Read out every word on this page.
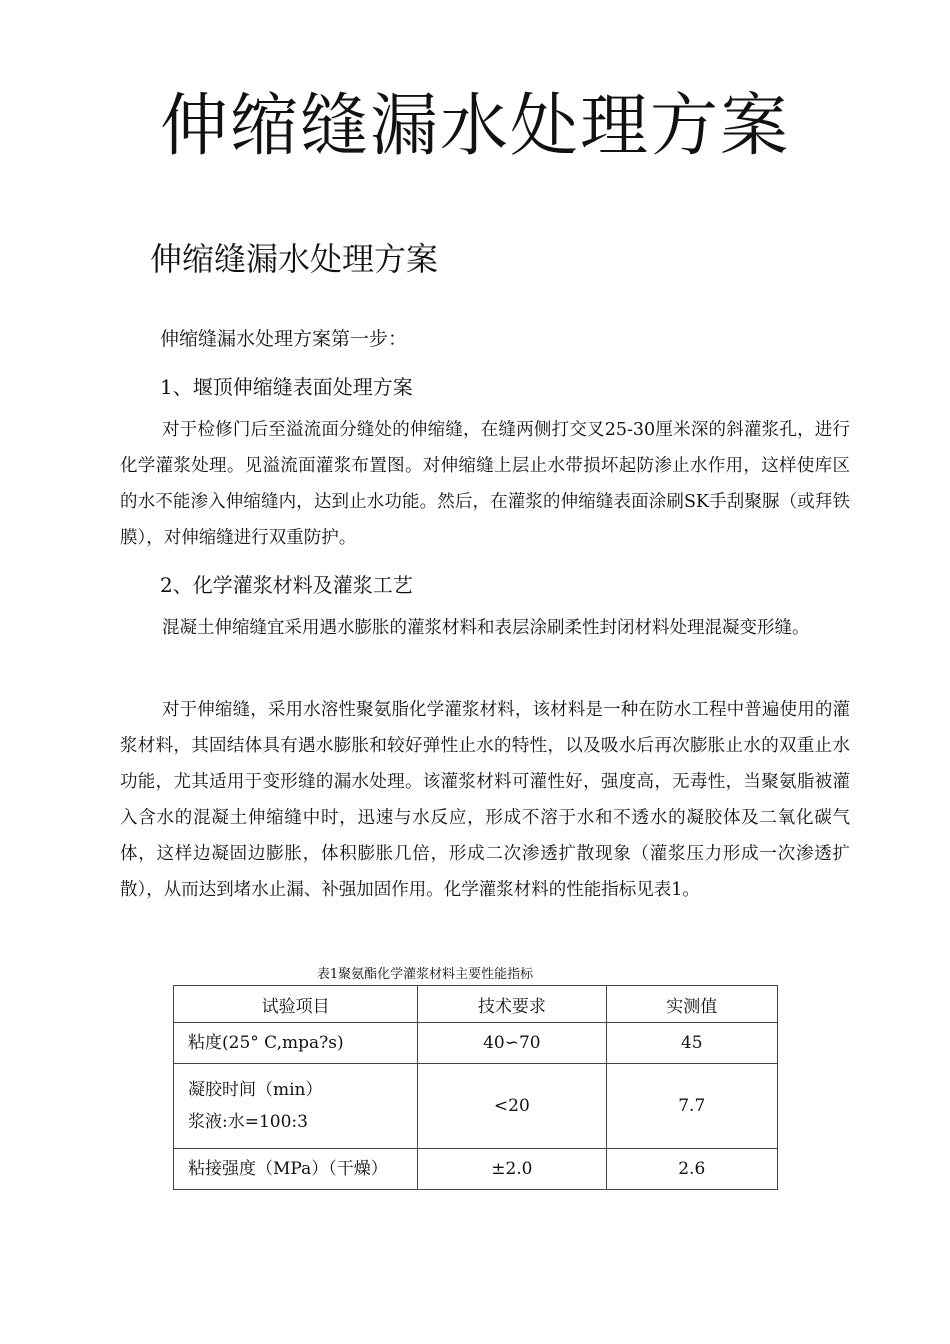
伸缩缝漏水处理方案
伸缩缝漏水处理方案
伸缩缝漏水处理方案第一步：
1、堰顶伸缩缝表面处理方案

对于检修门后至溢流面分缝处的伸缩缝，在缝两侧打交叉25-30厘米深的斜灌浆孔，进行化学灌浆处理。见溢流面灌浆布置图。对伸缩缝上层止水带损坏起防渗止水作用，这样使库区的水不能渗入伸缩缝内，达到止水功能。然后，在灌浆的伸缩缝表面涂刷SK手刮聚脲（或拜铁膜），对伸缩缝进行双重防护。

2、化学灌浆材料及灌浆工艺

混凝土伸缩缝宜采用遇水膨胀的灌浆材料和表层涂刷柔性封闭材料处理混凝变形缝。

对于伸缩缝，采用水溶性聚氨脂化学灌浆材料，该材料是一种在防水工程中普遍使用的灌浆材料，其固结体具有遇水膨胀和较好弹性止水的特性，以及吸水后再次膨胀止水的双重止水功能，尤其适用于变形缝的漏水处理。该灌浆材料可灌性好，强度高，无毒性，当聚氨脂被灌入含水的混凝土伸缩缝中时，迅速与水反应，形成不溶于水和不透水的凝胶体及二氧化碳气体，这样边凝固边膨胀，体积膨胀几倍，形成二次渗透扩散现象（灌浆压力形成一次渗透扩散），从而达到堵水止漏、补强加固作用。化学灌浆材料的性能指标见表1。

表1聚氨酯化学灌浆材料主要性能指标
试验项目	技术要求	实测值

粘度(25° C,mpa?s)	40∽70	45

凝胶时间（min）
浆液:水=100:3	<20	7.7

粘接强度（MPa）（干燥）	±2.0	2.6
